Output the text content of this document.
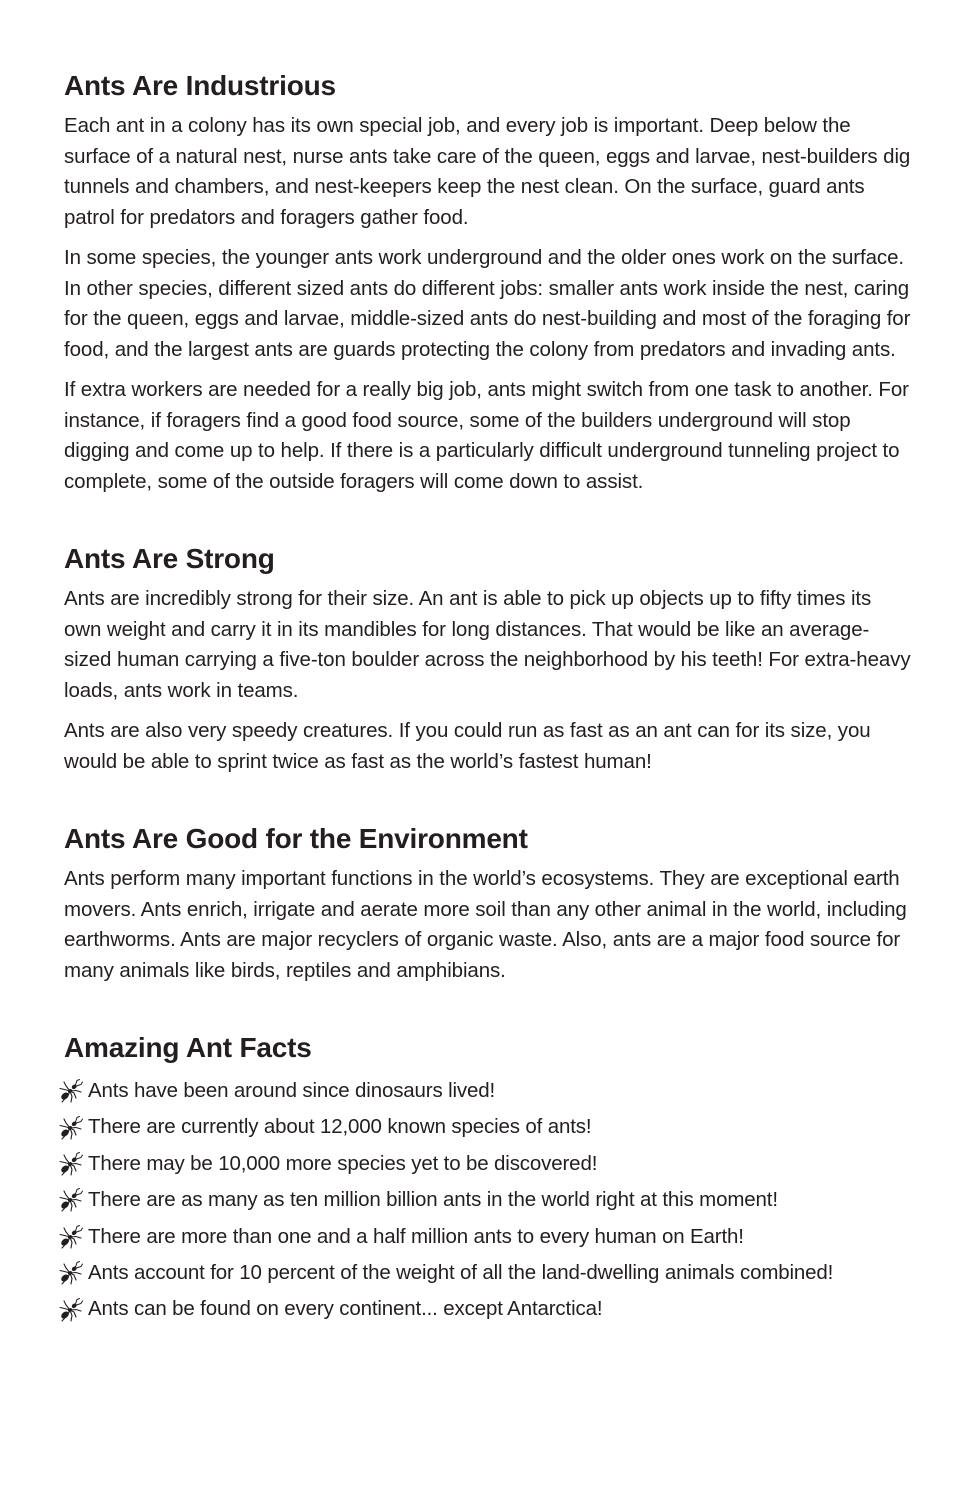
Ants Are Industrious

Each ant in a colony has its own special job, and every job is important. Deep below the surface of a natural nest, nurse ants take care of the queen, eggs and larvae, nest-builders dig tunnels and chambers, and nest-keepers keep the nest clean. On the surface, guard ants patrol for predators and foragers gather food.

In some species, the younger ants work underground and the older ones work on the surface. In other species, different sized ants do different jobs: smaller ants work inside the nest, caring for the queen, eggs and larvae, middle-sized ants do nest-building and most of the foraging for food, and the largest ants are guards protecting the colony from predators and invading ants.

If extra workers are needed for a really big job, ants might switch from one task to another. For instance, if foragers find a good food source, some of the builders underground will stop digging and come up to help. If there is a particularly difficult underground tunneling project to complete, some of the outside foragers will come down to assist.

Ants Are Strong

Ants are incredibly strong for their size. An ant is able to pick up objects up to fifty times its own weight and carry it in its mandibles for long distances. That would be like an average-sized human carrying a five-ton boulder across the neighborhood by his teeth! For extra-heavy loads, ants work in teams.

Ants are also very speedy creatures. If you could run as fast as an ant can for its size, you would be able to sprint twice as fast as the world’s fastest human!

Ants Are Good for the Environment

Ants perform many important functions in the world’s ecosystems. They are exceptional earth movers. Ants enrich, irrigate and aerate more soil than any other animal in the world, including earthworms. Ants are major recyclers of organic waste. Also, ants are a major food source for many animals like birds, reptiles and amphibians.

Amazing Ant Facts
Ants have been around since dinosaurs lived!
There are currently about 12,000 known species of ants!
There may be 10,000 more species yet to be discovered!
There are as many as ten million billion ants in the world right at this moment!
There are more than one and a half million ants to every human on Earth!
Ants account for 10 percent of the weight of all the land-dwelling animals combined!
Ants can be found on every continent... except Antarctica!
